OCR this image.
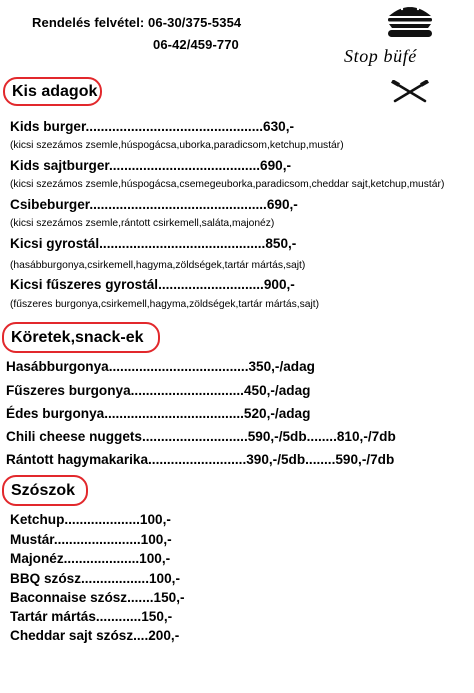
Rendelés felvétel: 06-30/375-5354
06-42/459-770
Stop büfé
Kis adagok
Kids burger...............................................630,-
(kicsi szezámos zsemle,húspogácsa,uborka,paradicsom,ketchup,mustár)
Kids sajtburger........................................690,-
(kicsi szezámos zsemle,húspogácsa,csemegeuborka,paradicsom,cheddar sajt,ketchup,mustár)
Csibeburger...............................................690,-
(kicsi szezámos zsemle,rántott csirkemell,saláta,majonéz)
Kicsi gyrostál............................................850,-
(hasábburgonya,csirkemell,hagyma,zöldségek,tartár mártás,sajt)
Kicsi fűszeres gyrostál............................900,-
(fűszeres burgonya,csirkemell,hagyma,zöldségek,tartár mártás,sajt)
Köretek,snack-ek
Hasábburgonya.....................................350,-/adag
Fűszeres burgonya..............................450,-/adag
Édes burgonya.....................................520,-/adag
Chili cheese nuggets............................590,-/5db........810,-/7db
Rántott hagymakarika..........................390,-/5db........590,-/7db
Szószok
Ketchup....................100,-
Mustár.......................100,-
Majonéz....................100,-
BBQ szósz..................100,-
Baconnaise szósz.......150,-
Tartár mártás............150,-
Cheddar sajt szósz....200,-
